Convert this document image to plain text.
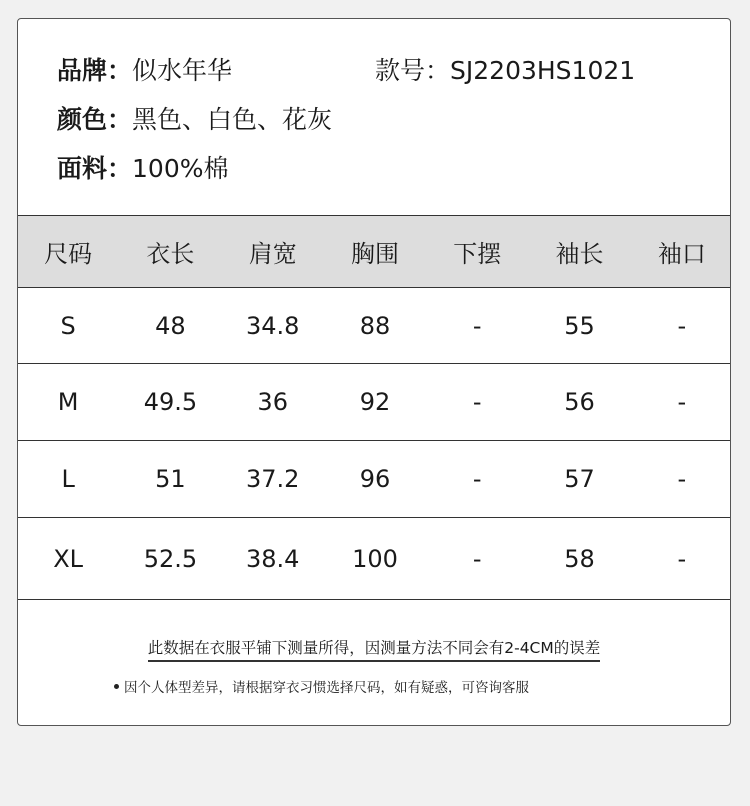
品牌：似水年华	款号：SJ2203HS1021
颜色：黑色、白色、花灰
面料：100%棉
尺码	衣长	肩宽	胸围	下摆	袖长	袖口
S	48	34.8	88	-	55	-
M	49.5	36	92	-	56	-
L	51	37.2	96	-	57	-
XL	52.5	38.4	100	-	58	-
此数据在衣服平铺下测量所得，因测量方法不同会有2-4CM的误差
因个人体型差异，请根据穿衣习惯选择尺码，如有疑惑，可咨询客服
